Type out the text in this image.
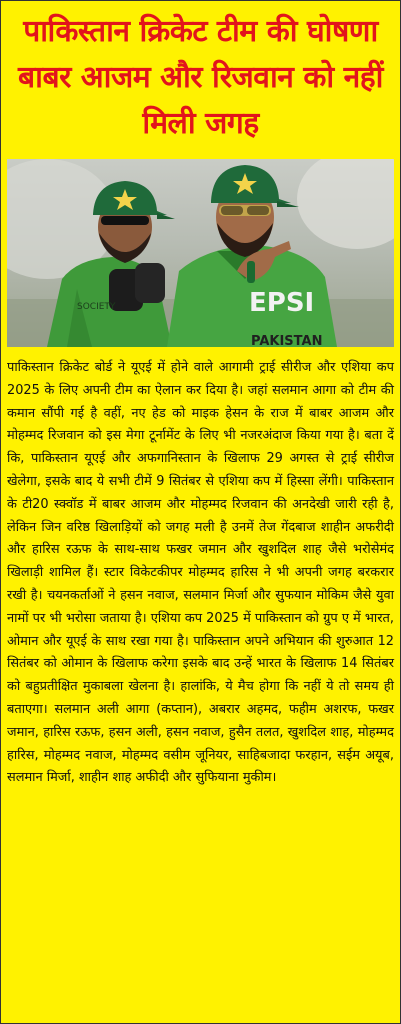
पाकिस्तान क्रिकेट टीम की घोषणा बाबर आजम और रिजवान को नहीं मिली जगह
SOCIETY	EPSI
PAKISTAN
पाकिस्तान क्रिकेट बोर्ड ने यूएई में होने वाले आगामी ट्राई सीरीज और एशिया कप 2025 के लिए अपनी टीम का ऐलान कर दिया है। जहां सलमान आगा को टीम की कमान सौंपी गई है वहीं, नए हेड को माइक हेसन के राज में बाबर आजम और मोहम्मद रिजवान को इस मेगा टूर्नामेंट के लिए भी नजरअंदाज किया गया है। बता दें कि, पाकिस्तान यूएई और अफगानिस्तान के खिलाफ 29 अगस्त से ट्राई सीरीज खेलेगा, इसके बाद ये सभी टीमें 9 सितंबर से एशिया कप में हिस्सा लेंगी। पाकिस्तान के टी20 स्क्वॉड में बाबर आजम और मोहम्मद रिजवान की अनदेखी जारी रही है, लेकिन जिन वरिष्ठ खिलाड़ियों को जगह मली है उनमें तेज गेंदबाज शाहीन अफरीदी और हारिस रऊफ के साथ-साथ फखर जमान और खुशदिल शाह जैसे भरोसेमंद खिलाड़ी शामिल हैं। स्टार विकेटकीपर मोहम्मद हारिस ने भी अपनी जगह बरकरार रखी है। चयनकर्ताओं ने हसन नवाज, सलमान मिर्जा और सुफयान मोकिम जैसे युवा नामों पर भी भरोसा जताया है। एशिया कप 2025 में पाकिस्तान को ग्रुप ए में भारत, ओमान और यूएई के साथ रखा गया है। पाकिस्तान अपने अभियान की शुरुआत 12 सितंबर को ओमान के खिलाफ करेगा इसके बाद उन्हें भारत के खिलाफ 14 सितंबर को बहुप्रतीक्षित मुकाबला खेलना है। हालांकि, ये मैच होगा कि नहीं ये तो समय ही बताएगा। सलमान अली आगा (कप्तान), अबरार अहमद, फहीम अशरफ, फखर जमान, हारिस रऊफ, हसन अली, हसन नवाज, हुसैन तलत, खुशदिल शाह, मोहम्मद हारिस, मोहम्मद नवाज, मोहम्मद वसीम जूनियर, साहिबजादा फरहान, सईम अयूब, सलमान मिर्जा, शाहीन शाह अफीदी और सुफियाना मुकीम।
